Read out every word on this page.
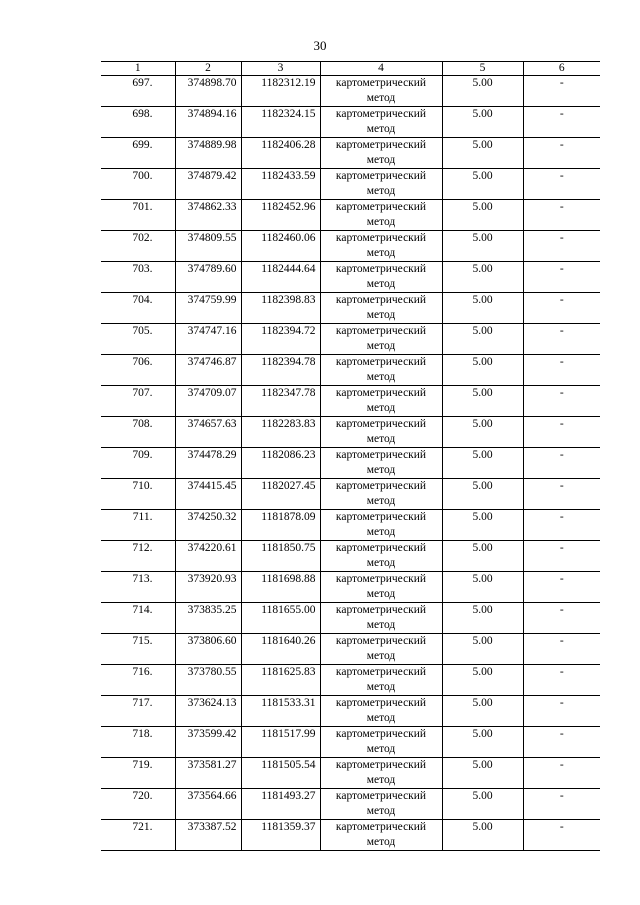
30
1	2	3	4	5	6
697.	374898.70	1182312.19	картометрический метод	5.00	-
698.	374894.16	1182324.15	картометрический метод	5.00	-
699.	374889.98	1182406.28	картометрический метод	5.00	-
700.	374879.42	1182433.59	картометрический метод	5.00	-
701.	374862.33	1182452.96	картометрический метод	5.00	-
702.	374809.55	1182460.06	картометрический метод	5.00	-
703.	374789.60	1182444.64	картометрический метод	5.00	-
704.	374759.99	1182398.83	картометрический метод	5.00	-
705.	374747.16	1182394.72	картометрический метод	5.00	-
706.	374746.87	1182394.78	картометрический метод	5.00	-
707.	374709.07	1182347.78	картометрический метод	5.00	-
708.	374657.63	1182283.83	картометрический метод	5.00	-
709.	374478.29	1182086.23	картометрический метод	5.00	-
710.	374415.45	1182027.45	картометрический метод	5.00	-
711.	374250.32	1181878.09	картометрический метод	5.00	-
712.	374220.61	1181850.75	картометрический метод	5.00	-
713.	373920.93	1181698.88	картометрический метод	5.00	-
714.	373835.25	1181655.00	картометрический метод	5.00	-
715.	373806.60	1181640.26	картометрический метод	5.00	-
716.	373780.55	1181625.83	картометрический метод	5.00	-
717.	373624.13	1181533.31	картометрический метод	5.00	-
718.	373599.42	1181517.99	картометрический метод	5.00	-
719.	373581.27	1181505.54	картометрический метод	5.00	-
720.	373564.66	1181493.27	картометрический метод	5.00	-
721.	373387.52	1181359.37	картометрический метод	5.00	-
